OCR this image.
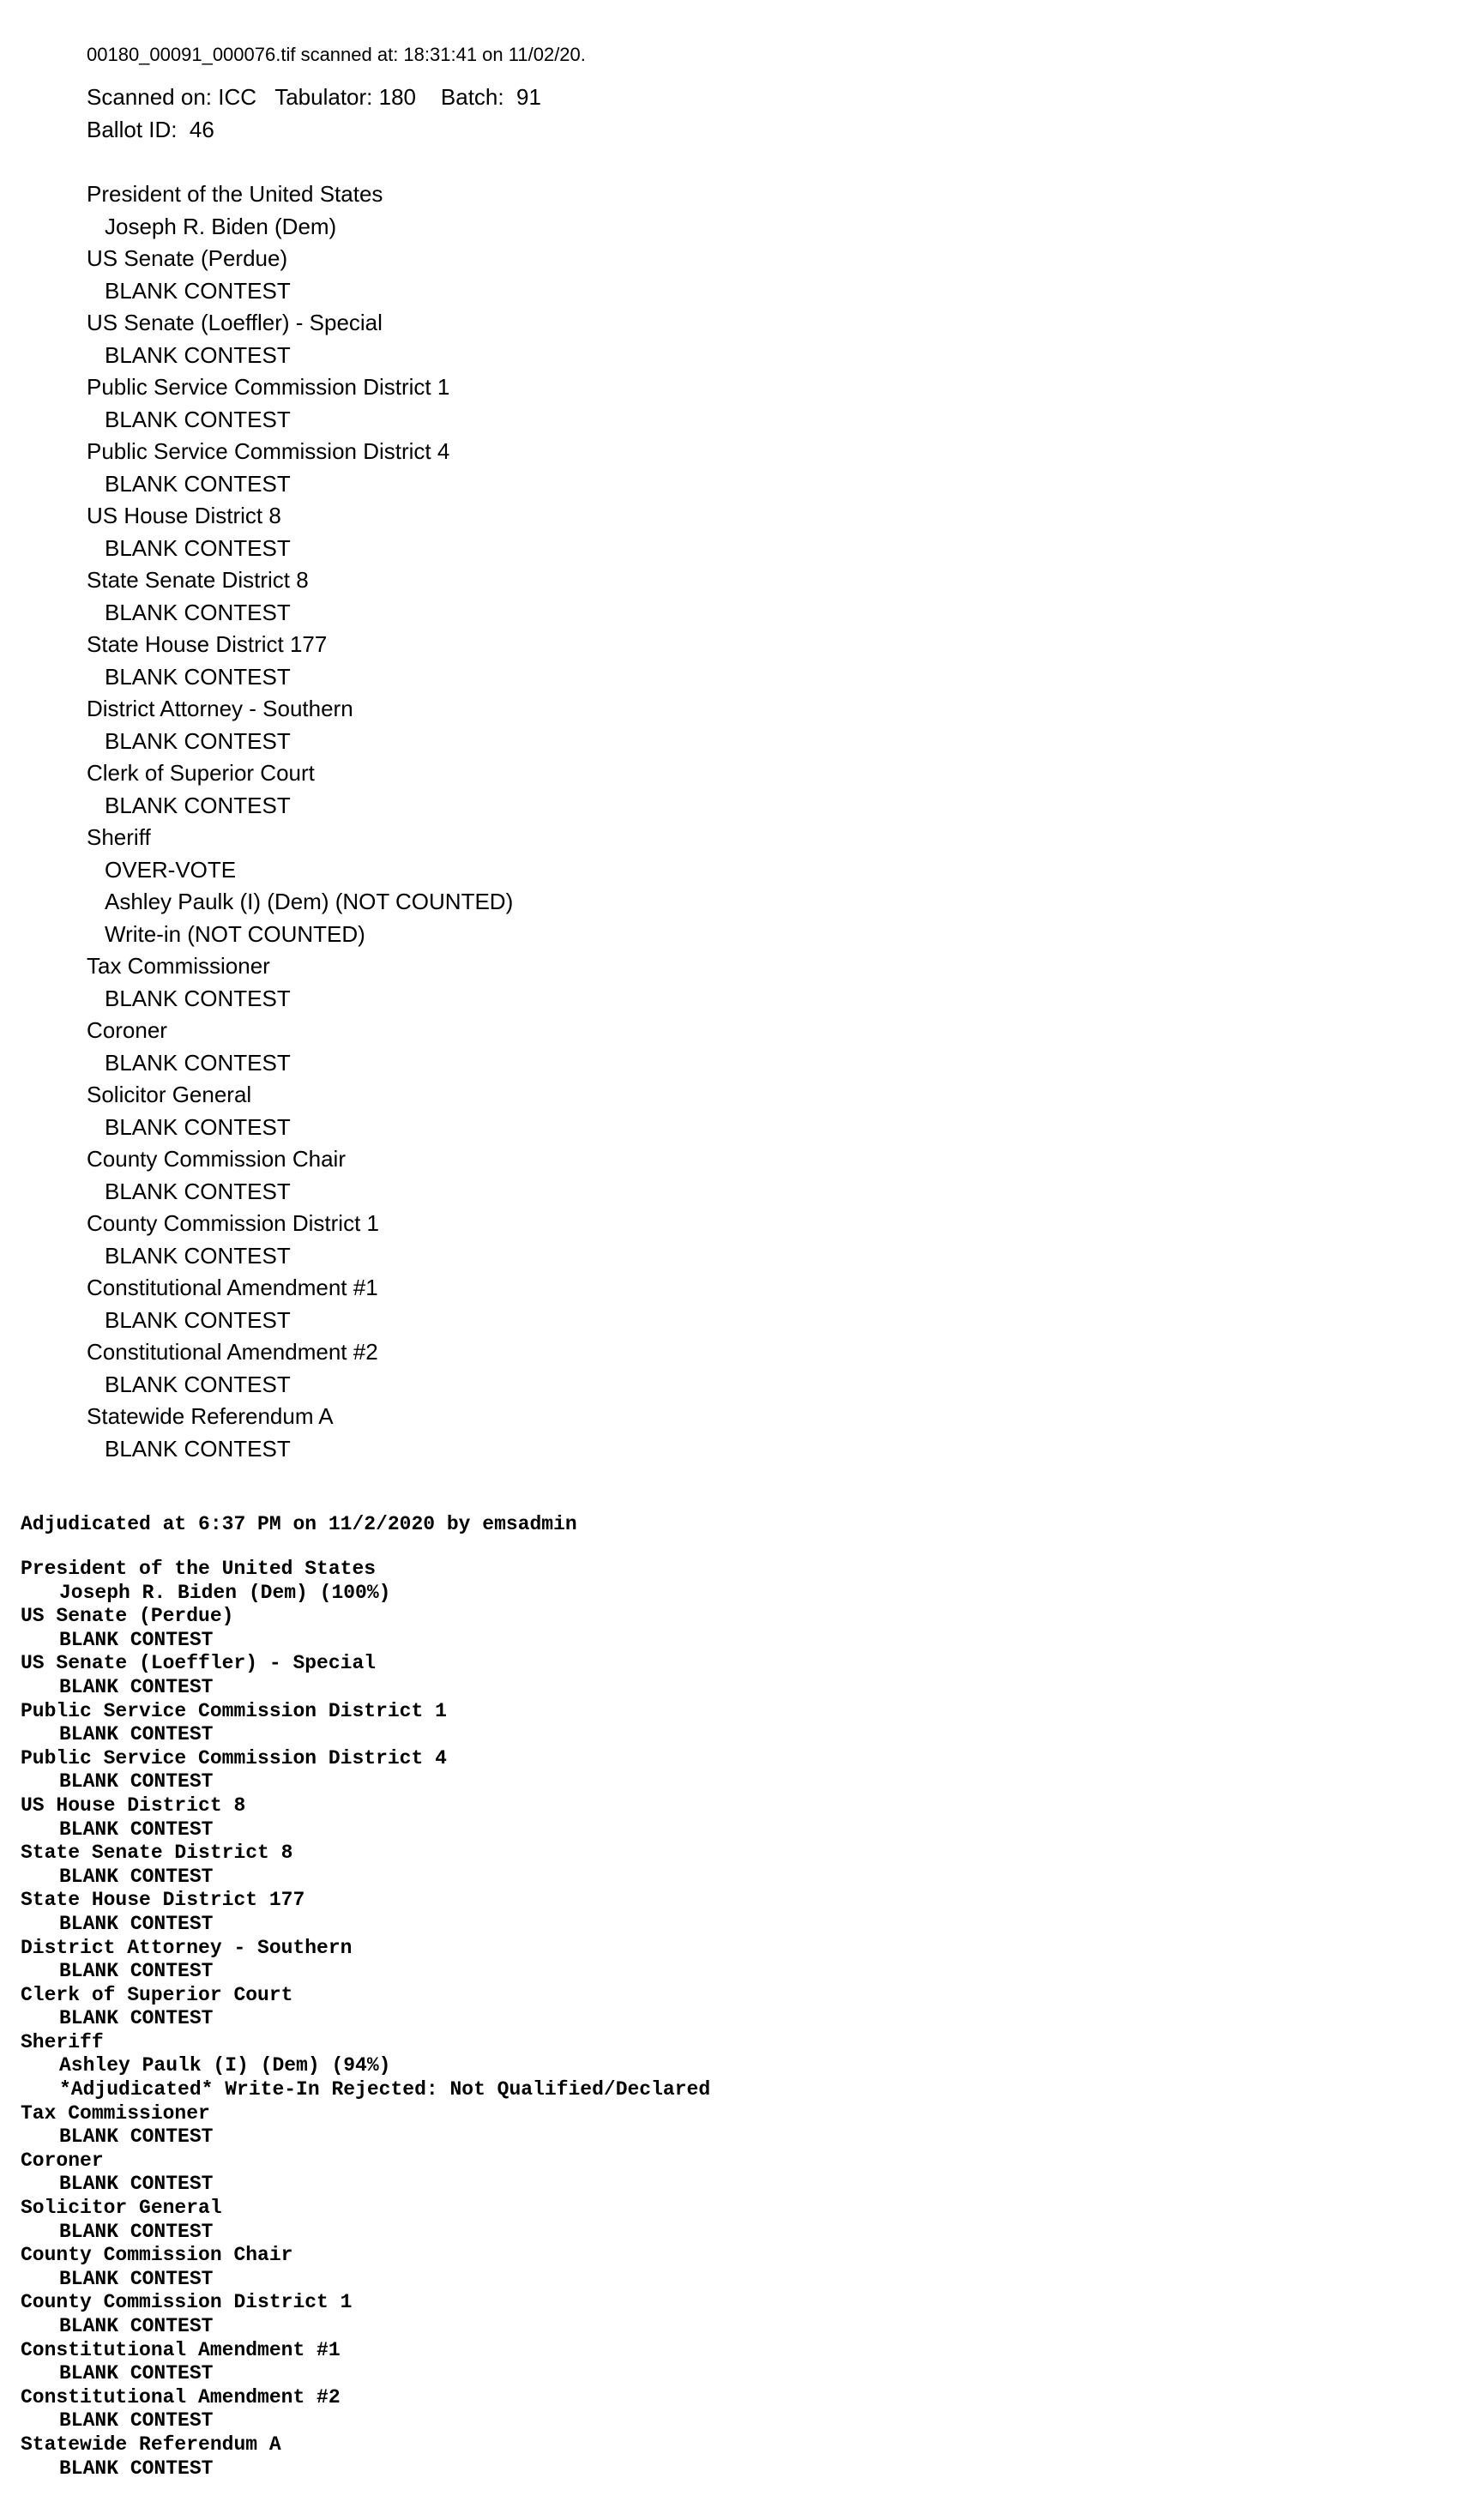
00180_00091_000076.tif scanned at: 18:31:41 on 11/02/20.
Scanned on: ICC   Tabulator: 180    Batch:  91
Ballot ID:  46
President of the United States
Joseph R. Biden (Dem)
US Senate (Perdue)
BLANK CONTEST
US Senate (Loeffler) - Special
BLANK CONTEST
Public Service Commission District 1
BLANK CONTEST
Public Service Commission District 4
BLANK CONTEST
US House District 8
BLANK CONTEST
State Senate District 8
BLANK CONTEST
State House District 177
BLANK CONTEST
District Attorney - Southern
BLANK CONTEST
Clerk of Superior Court
BLANK CONTEST
Sheriff
OVER-VOTE
Ashley Paulk (I) (Dem) (NOT COUNTED)
Write-in (NOT COUNTED)
Tax Commissioner
BLANK CONTEST
Coroner
BLANK CONTEST
Solicitor General
BLANK CONTEST
County Commission Chair
BLANK CONTEST
County Commission District 1
BLANK CONTEST
Constitutional Amendment #1
BLANK CONTEST
Constitutional Amendment #2
BLANK CONTEST
Statewide Referendum A
BLANK CONTEST
Adjudicated at 6:37 PM on 11/2/2020 by emsadmin
President of the United States
Joseph R. Biden (Dem) (100%)
US Senate (Perdue)
BLANK CONTEST
US Senate (Loeffler) - Special
BLANK CONTEST
Public Service Commission District 1
BLANK CONTEST
Public Service Commission District 4
BLANK CONTEST
US House District 8
BLANK CONTEST
State Senate District 8
BLANK CONTEST
State House District 177
BLANK CONTEST
District Attorney - Southern
BLANK CONTEST
Clerk of Superior Court
BLANK CONTEST
Sheriff
Ashley Paulk (I) (Dem) (94%)
*Adjudicated* Write-In Rejected: Not Qualified/Declared
Tax Commissioner
BLANK CONTEST
Coroner
BLANK CONTEST
Solicitor General
BLANK CONTEST
County Commission Chair
BLANK CONTEST
County Commission District 1
BLANK CONTEST
Constitutional Amendment #1
BLANK CONTEST
Constitutional Amendment #2
BLANK CONTEST
Statewide Referendum A
BLANK CONTEST
